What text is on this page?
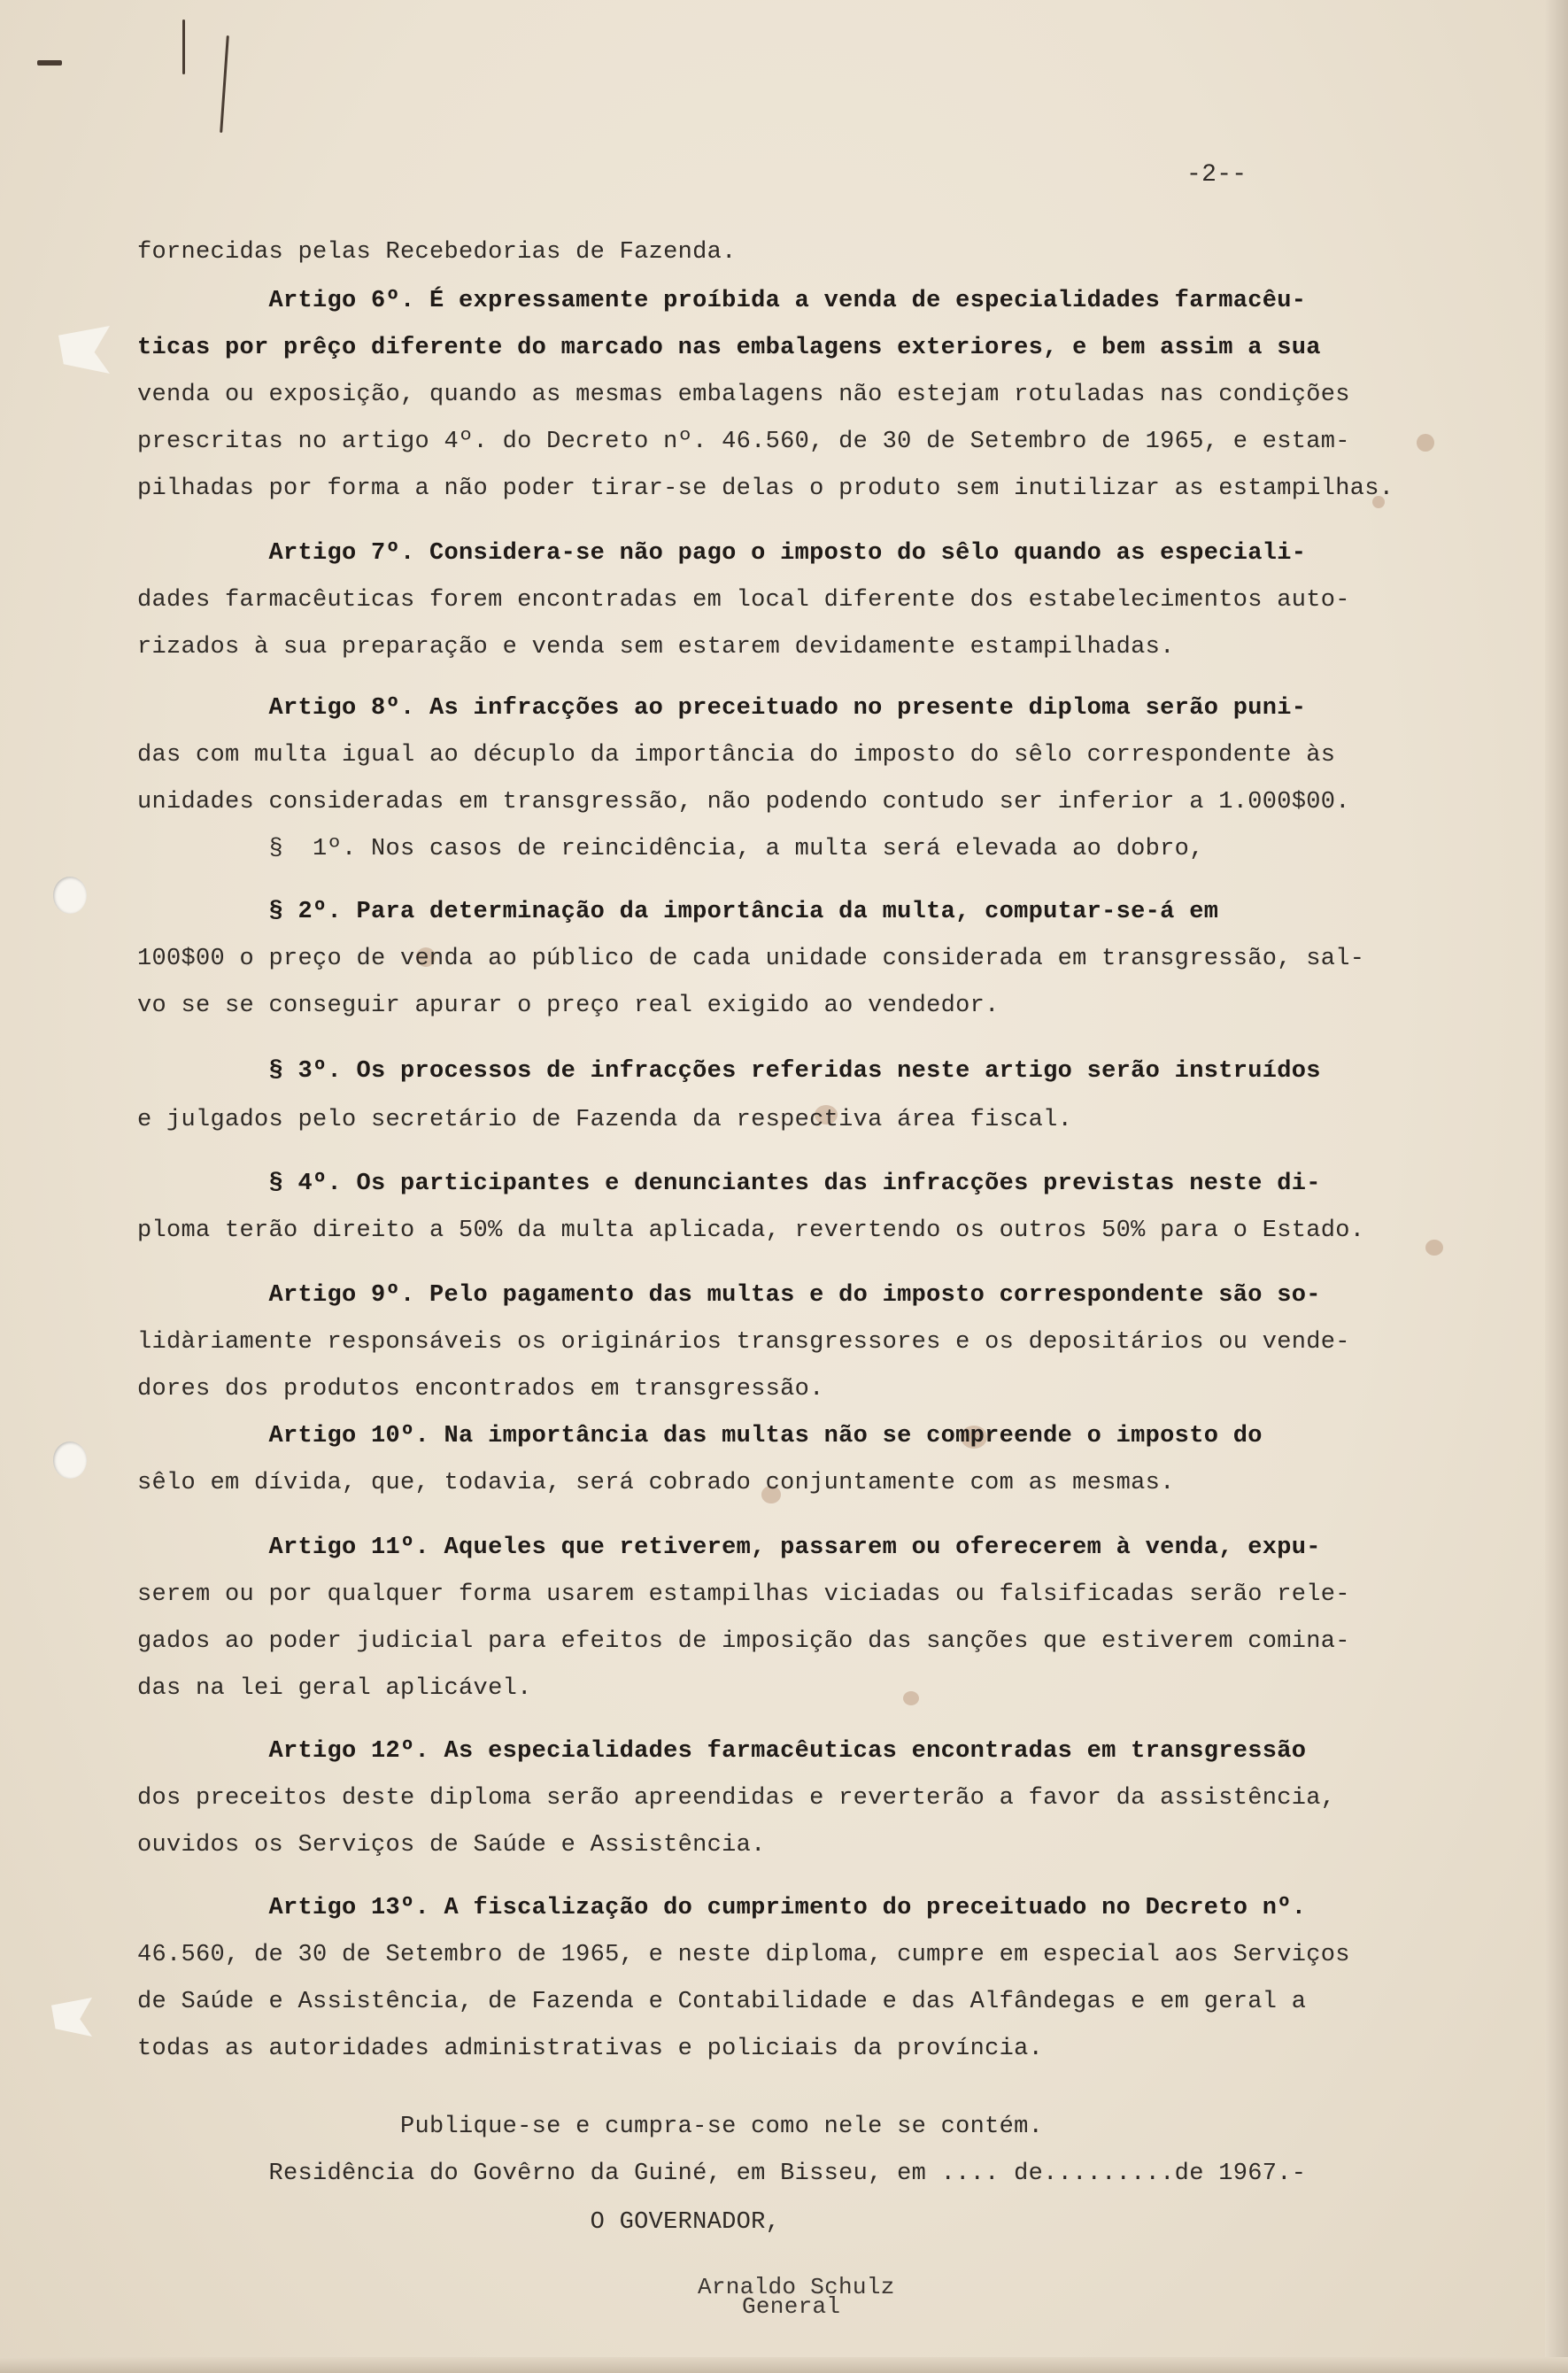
-2--
fornecidas pelas Recebedorias de Fazenda.
Artigo 6º. É expressamente proíbida a venda de especialidades farmacêu-
ticas por prêço diferente do marcado nas embalagens exteriores, e bem assim a sua
venda ou exposição, quando as mesmas embalagens não estejam rotuladas nas condições
prescritas no artigo 4º. do Decreto nº. 46.560, de 30 de Setembro de 1965, e estam-
pilhadas por forma a não poder tirar-se delas o produto sem inutilizar as estampilhas.
Artigo 7º. Considera-se não pago o imposto do sêlo quando as especiali-
dades farmacêuticas forem encontradas em local diferente dos estabelecimentos auto-
rizados à sua preparação e venda sem estarem devidamente estampilhadas.
Artigo 8º. As infracções ao preceituado no presente diploma serão puni-
das com multa igual ao décuplo da importância do imposto do sêlo correspondente às
unidades consideradas em transgressão, não podendo contudo ser inferior a 1.000$00.
§  1º. Nos casos de reincidência, a multa será elevada ao dobro,
§ 2º. Para determinação da importância da multa, computar-se-á em
100$00 o preço de venda ao público de cada unidade considerada em transgressão, sal-
vo se se conseguir apurar o preço real exigido ao vendedor.
§ 3º. Os processos de infracções referidas neste artigo serão instruídos
e julgados pelo secretário de Fazenda da respectiva área fiscal.
§ 4º. Os participantes e denunciantes das infracções previstas neste di-
ploma terão direito a 50% da multa aplicada, revertendo os outros 50% para o Estado.
Artigo 9º. Pelo pagamento das multas e do imposto correspondente são so-
lidàriamente responsáveis os originários transgressores e os depositários ou vende-
dores dos produtos encontrados em transgressão.
Artigo 10º. Na importância das multas não se compreende o imposto do
sêlo em dívida, que, todavia, será cobrado conjuntamente com as mesmas.
Artigo 11º. Aqueles que retiverem, passarem ou oferecerem à venda, expu-
serem ou por qualquer forma usarem estampilhas viciadas ou falsificadas serão rele-
gados ao poder judicial para efeitos de imposição das sanções que estiverem comina-
das na lei geral aplicável.
Artigo 12º. As especialidades farmacêuticas encontradas em transgressão
dos preceitos deste diploma serão apreendidas e reverterão a favor da assistência,
ouvidos os Serviços de Saúde e Assistência.
Artigo 13º. A fiscalização do cumprimento do preceituado no Decreto nº.
46.560, de 30 de Setembro de 1965, e neste diploma, cumpre em especial aos Serviços
de Saúde e Assistência, de Fazenda e Contabilidade e das Alfândegas e em geral a
todas as autoridades administrativas e policiais da província.
Publique-se e cumpra-se como nele se contém.
Residência do Govêrno da Guiné, em Bisseu, em .... de.........de 1967.-
O GOVERNADOR,
Arnaldo Schulz
General
